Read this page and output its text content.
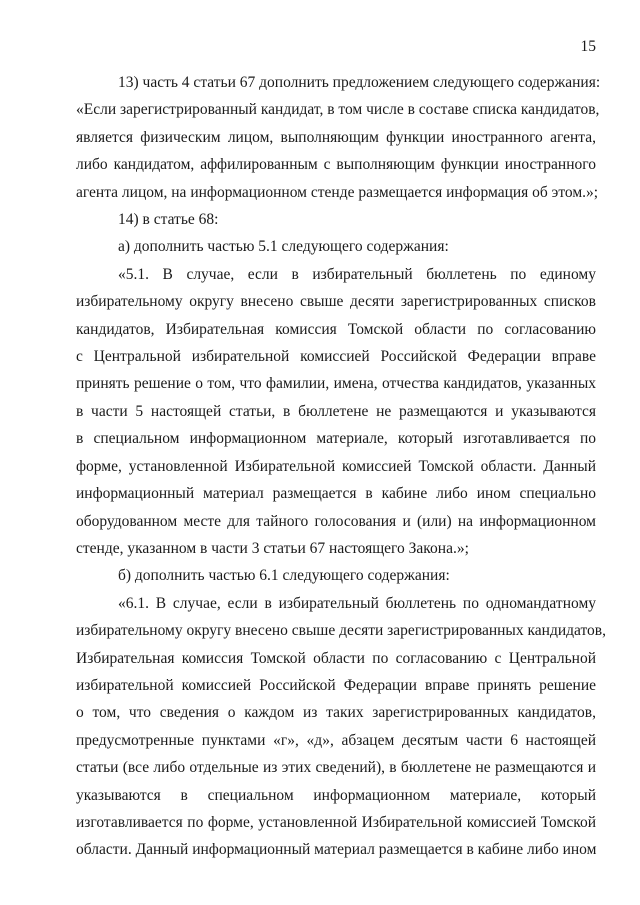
15

13) часть 4 статьи 67 дополнить предложением следующего содержания:
«Если зарегистрированный кандидат, в том числе в составе списка кандидатов,
является физическим лицом, выполняющим функции иностранного агента,
либо кандидатом, аффилированным с выполняющим функции иностранного
агента лицом, на информационном стенде размещается информация об этом.»;

14) в статье 68:

а) дополнить частью 5.1 следующего содержания:

«5.1. В случае, если в избирательный бюллетень по единому
избирательному округу внесено свыше десяти зарегистрированных списков
кандидатов, Избирательная комиссия Томской области по согласованию
с Центральной избирательной комиссией Российской Федерации вправе
принять решение о том, что фамилии, имена, отчества кандидатов, указанных
в части 5 настоящей статьи, в бюллетене не размещаются и указываются
в специальном информационном материале, который изготавливается по
форме, установленной Избирательной комиссией Томской области. Данный
информационный материал размещается в кабине либо ином специально
оборудованном месте для тайного голосования и (или) на информационном
стенде, указанном в части 3 статьи 67 настоящего Закона.»;

б) дополнить частью 6.1 следующего содержания:

«6.1. В случае, если в избирательный бюллетень по одномандатному
избирательному округу внесено свыше десяти зарегистрированных кандидатов,
Избирательная комиссия Томской области по согласованию с Центральной
избирательной комиссией Российской Федерации вправе принять решение
о том, что сведения о каждом из таких зарегистрированных кандидатов,
предусмотренные пунктами «г», «д», абзацем десятым части 6 настоящей
статьи (все либо отдельные из этих сведений), в бюллетене не размещаются и
указываются в специальном информационном материале, который
изготавливается по форме, установленной Избирательной комиссией Томской
области. Данный информационный материал размещается в кабине либо ином
